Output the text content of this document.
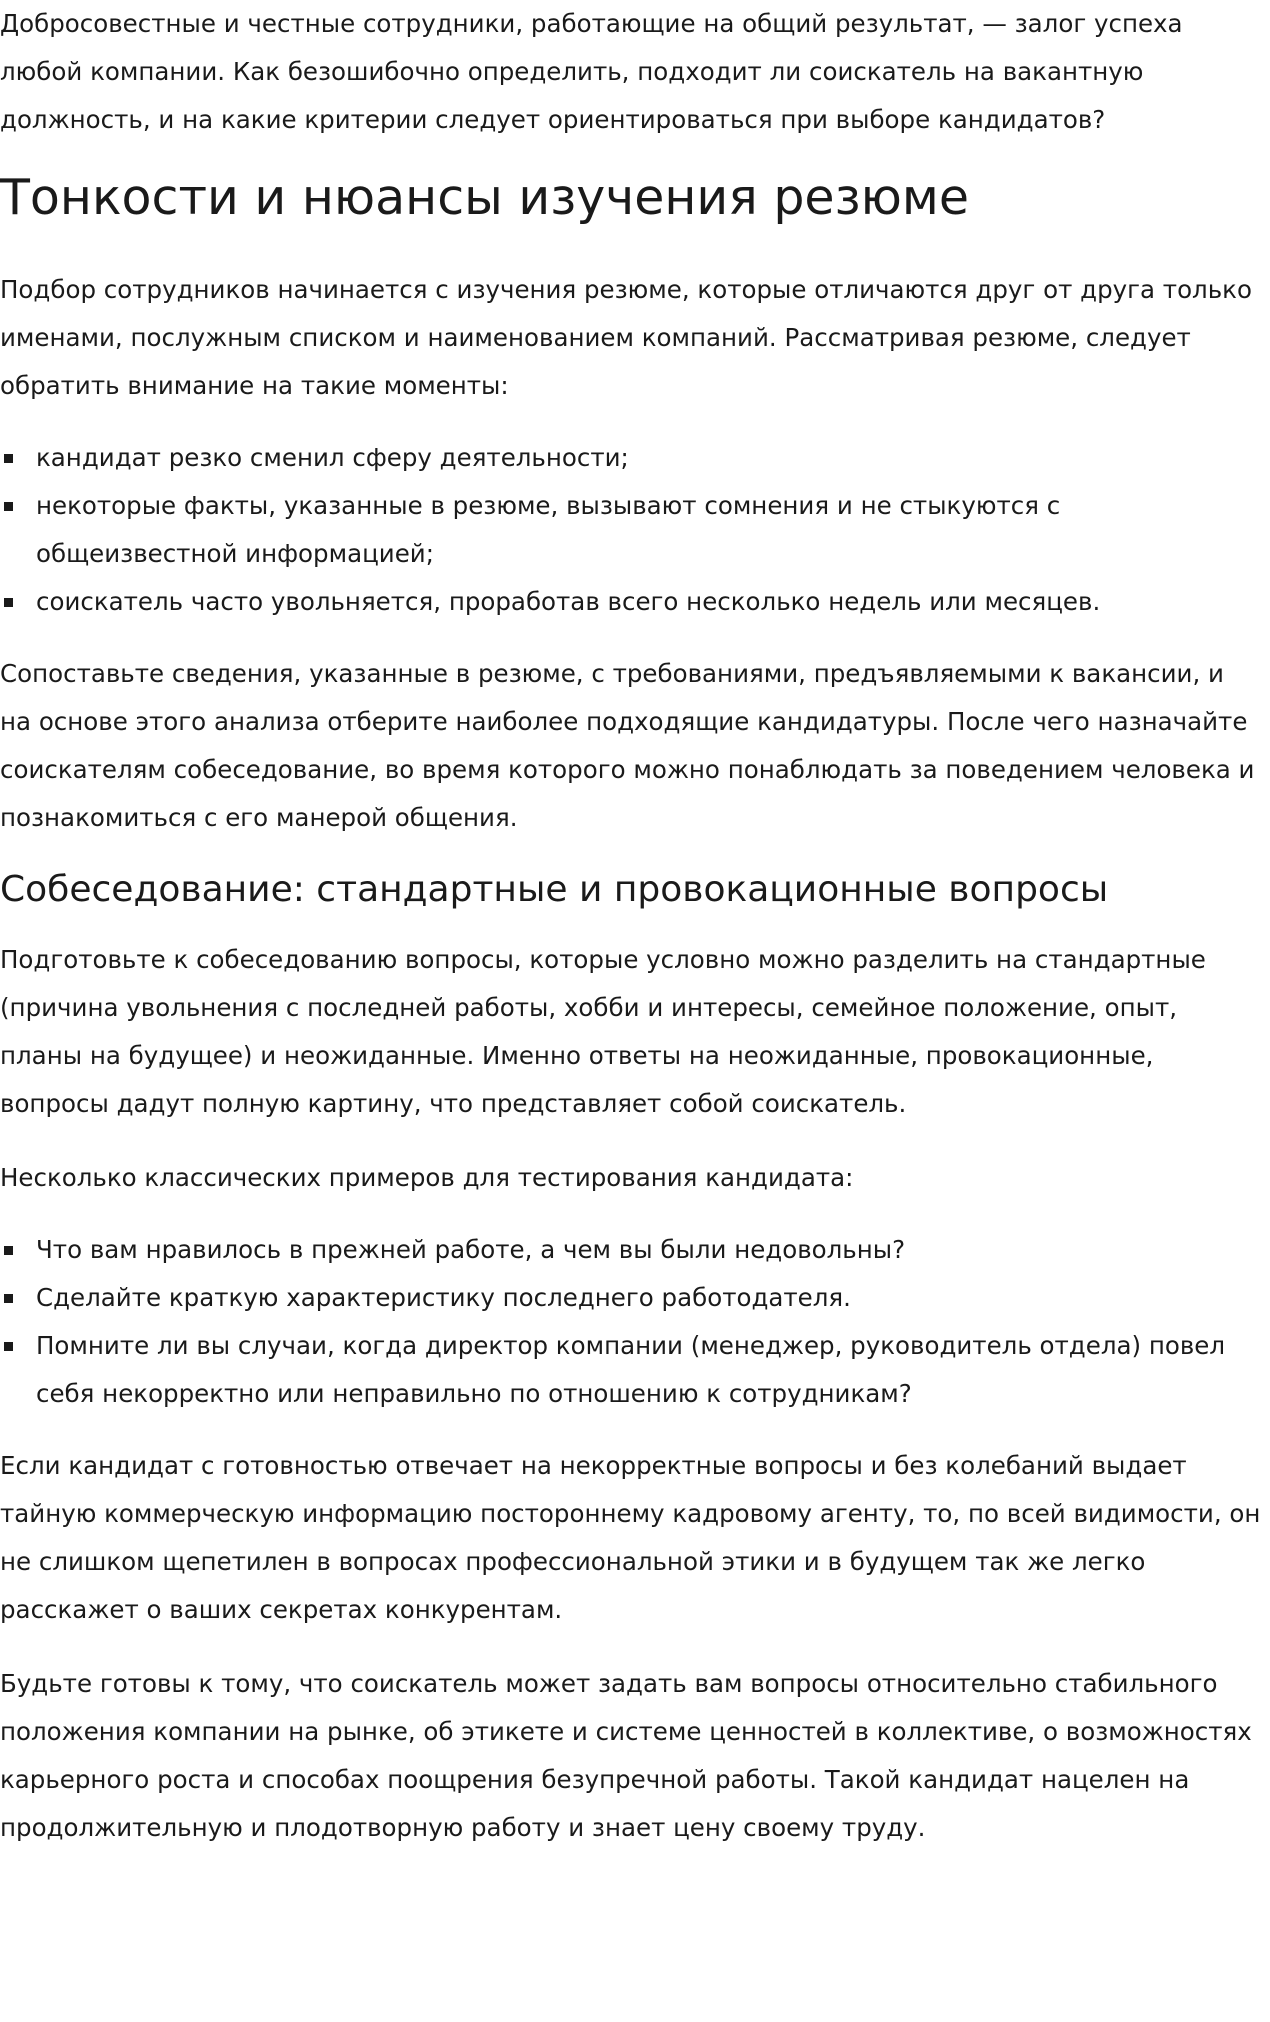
Добросовестные и честные сотрудники, работающие на общий результат, — залог успеха любой компании. Как безошибочно определить, подходит ли соискатель на вакантную должность, и на какие критерии следует ориентироваться при выборе кандидатов?

Тонкости и нюансы изучения резюме

Подбор сотрудников начинается с изучения резюме, которые отличаются друг от друга только именами, послужным списком и наименованием компаний. Рассматривая резюме, следует обратить внимание на такие моменты:

кандидат резко сменил сферу деятельности;
некоторые факты, указанные в резюме, вызывают сомнения и не стыкуются с общеизвестной информацией;
соискатель часто увольняется, проработав всего несколько недель или месяцев.

Сопоставьте сведения, указанные в резюме, с требованиями, предъявляемыми к вакансии, и на основе этого анализа отберите наиболее подходящие кандидатуры. После чего назначайте соискателям собеседование, во время которого можно понаблюдать за поведением человека и познакомиться с его манерой общения.

Собеседование: стандартные и провокационные вопросы

Подготовьте к собеседованию вопросы, которые условно можно разделить на стандартные (причина увольнения с последней работы, хобби и интересы, семейное положение, опыт, планы на будущее) и неожиданные. Именно ответы на неожиданные, провокационные, вопросы дадут полную картину, что представляет собой соискатель.

Несколько классических примеров для тестирования кандидата:

Что вам нравилось в прежней работе, а чем вы были недовольны?
Сделайте краткую характеристику последнего работодателя.
Помните ли вы случаи, когда директор компании (менеджер, руководитель отдела) повел себя некорректно или неправильно по отношению к сотрудникам?

Если кандидат с готовностью отвечает на некорректные вопросы и без колебаний выдает тайную коммерческую информацию постороннему кадровому агенту, то, по всей видимости, он не слишком щепетилен в вопросах профессиональной этики и в будущем так же легко расскажет о ваших секретах конкурентам.

Будьте готовы к тому, что соискатель может задать вам вопросы относительно стабильного положения компании на рынке, об этикете и системе ценностей в коллективе, о возможностях карьерного роста и способах поощрения безупречной работы. Такой кандидат нацелен на продолжительную и плодотворную работу и знает цену своему труду.
